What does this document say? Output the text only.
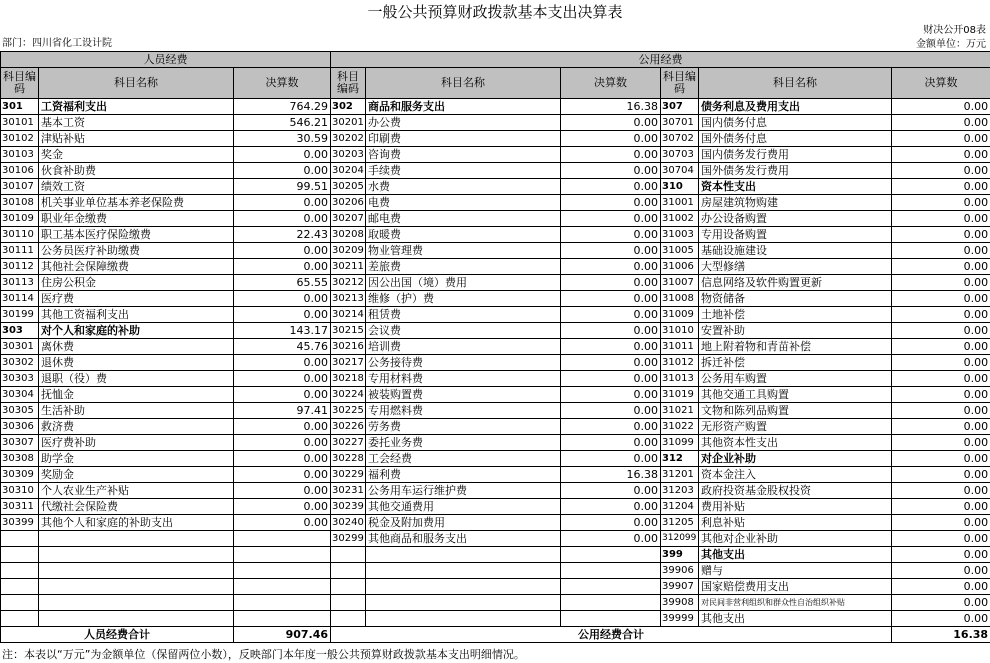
一般公共预算财政拨款基本支出决算表
财决公开08表
金额单位：万元
部门：四川省化工设计院
人员经费			公用经费					
科目编码	科目名称	决算数	科目编码	科目名称	决算数	科目编码	科目名称	决算数
301	工资福利支出	764.29	302	商品和服务支出	16.38	307	债务利息及费用支出	0.00
30101	基本工资	546.21	30201	办公费	0.00	30701	国内债务付息	0.00
30102	津贴补贴	30.59	30202	印刷费	0.00	30702	国外债务付息	0.00
30103	奖金	0.00	30203	咨询费	0.00	30703	国内债务发行费用	0.00
30106	伙食补助费	0.00	30204	手续费	0.00	30704	国外债务发行费用	0.00
30107	绩效工资	99.51	30205	水费	0.00	310	资本性支出	0.00
30108	机关事业单位基本养老保险费	0.00	30206	电费	0.00	31001	房屋建筑物购建	0.00
30109	职业年金缴费	0.00	30207	邮电费	0.00	31002	办公设备购置	0.00
30110	职工基本医疗保险缴费	22.43	30208	取暖费	0.00	31003	专用设备购置	0.00
30111	公务员医疗补助缴费	0.00	30209	物业管理费	0.00	31005	基础设施建设	0.00
30112	其他社会保障缴费	0.00	30211	差旅费	0.00	31006	大型修缮	0.00
30113	住房公积金	65.55	30212	因公出国（境）费用	0.00	31007	信息网络及软件购置更新	0.00
30114	医疗费	0.00	30213	维修（护）费	0.00	31008	物资储备	0.00
30199	其他工资福利支出	0.00	30214	租赁费	0.00	31009	土地补偿	0.00
303	对个人和家庭的补助	143.17	30215	会议费	0.00	31010	安置补助	0.00
30301	离休费	45.76	30216	培训费	0.00	31011	地上附着物和青苗补偿	0.00
30302	退休费	0.00	30217	公务接待费	0.00	31012	拆迁补偿	0.00
30303	退职（役）费	0.00	30218	专用材料费	0.00	31013	公务用车购置	0.00
30304	抚恤金	0.00	30224	被装购置费	0.00	31019	其他交通工具购置	0.00
30305	生活补助	97.41	30225	专用燃料费	0.00	31021	文物和陈列品购置	0.00
30306	救济费	0.00	30226	劳务费	0.00	31022	无形资产购置	0.00
30307	医疗费补助	0.00	30227	委托业务费	0.00	31099	其他资本性支出	0.00
30308	助学金	0.00	30228	工会经费	0.00	312	对企业补助	0.00
30309	奖励金	0.00	30229	福利费	16.38	31201	资本金注入	0.00
30310	个人农业生产补贴	0.00	30231	公务用车运行维护费	0.00	31203	政府投资基金股权投资	0.00
30311	代缴社会保险费	0.00	30239	其他交通费用	0.00	31204	费用补贴	0.00
30399	其他个人和家庭的补助支出	0.00	30240	税金及附加费用	0.00	31205	利息补贴	0.00
			30299	其他商品和服务支出	0.00	312099	其他对企业补助	0.00
						399	其他支出	0.00
						39906	赠与	0.00
						39907	国家赔偿费用支出	0.00
						39908	对民间非营利组织和群众性自治组织补贴	0.00
						39999	其他支出	0.00
人员经费合计		907.46	公用经费合计					16.38
注：本表以“万元”为金额单位（保留两位小数），反映部门本年度一般公共预算财政拨款基本支出明细情况。
